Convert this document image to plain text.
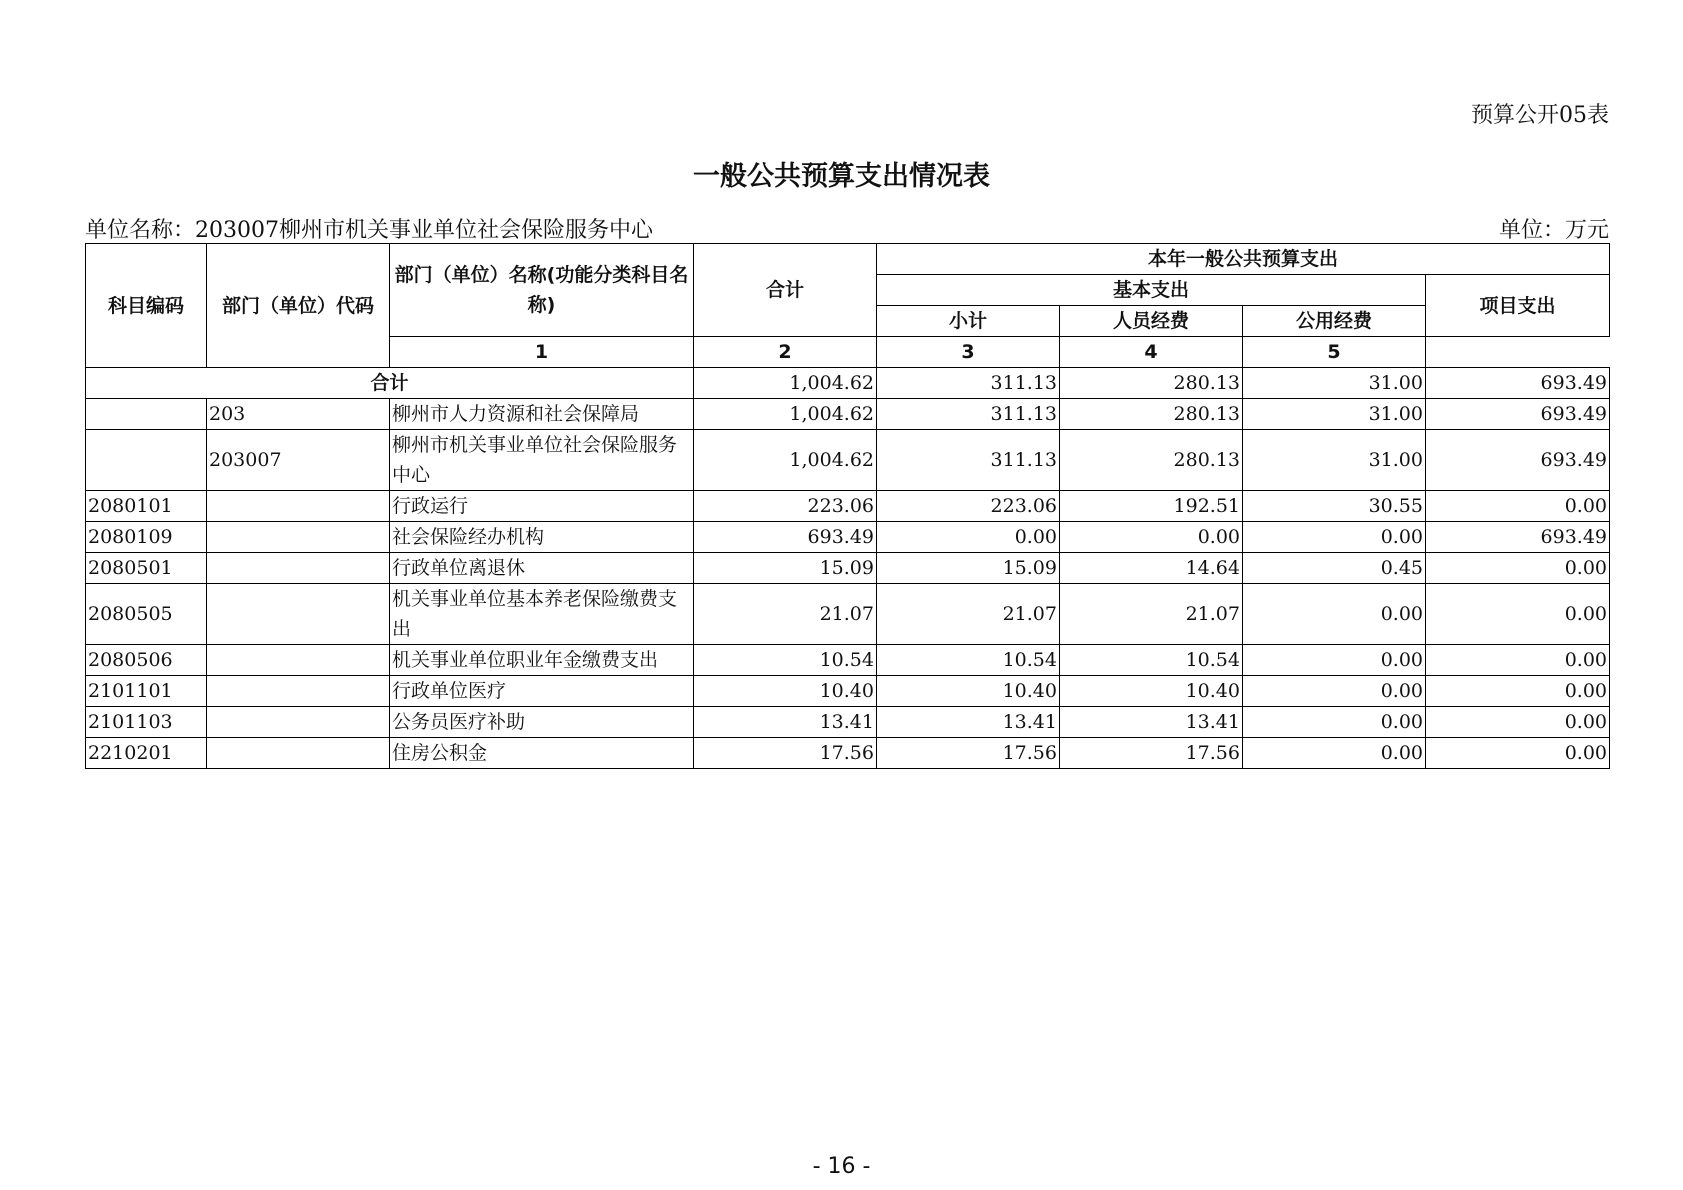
预算公开05表
一般公共预算支出情况表
单位名称：203007柳州市机关事业单位社会保险服务中心	单位：万元
科目编码	部门（单位）代码	部门（单位）名称(功能分类科目名称)	合计	本年一般公共预算支出			
				基本支出			项目支出
				小计	人员经费	公用经费	
		1	2	3	4	5	
合计			1,004.62	311.13	280.13	31.00	693.49
	203	柳州市人力资源和社会保障局	1,004.62	311.13	280.13	31.00	693.49
	203007	柳州市机关事业单位社会保险服务中心	1,004.62	311.13	280.13	31.00	693.49
2080101		行政运行	223.06	223.06	192.51	30.55	0.00
2080109		社会保险经办机构	693.49	0.00	0.00	0.00	693.49
2080501		行政单位离退休	15.09	15.09	14.64	0.45	0.00
2080505		机关事业单位基本养老保险缴费支出	21.07	21.07	21.07	0.00	0.00
2080506		机关事业单位职业年金缴费支出	10.54	10.54	10.54	0.00	0.00
2101101		行政单位医疗	10.40	10.40	10.40	0.00	0.00
2101103		公务员医疗补助	13.41	13.41	13.41	0.00	0.00
2210201		住房公积金	17.56	17.56	17.56	0.00	0.00
- 16 -
